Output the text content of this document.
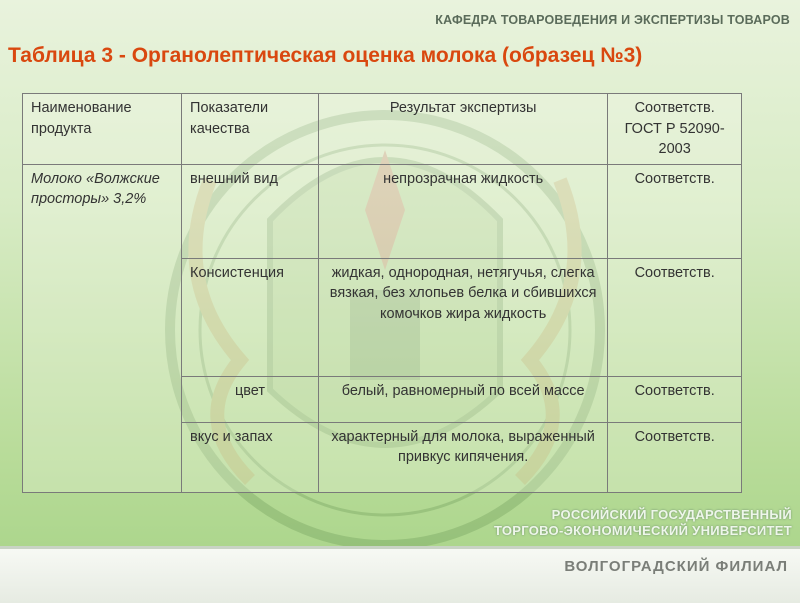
КАФЕДРА ТОВАРОВЕДЕНИЯ И ЭКСПЕРТИЗЫ ТОВАРОВ
Таблица 3 - Органолептическая оценка молока (образец №3)
Наименование продукта	Показатели качества	Результат экспертизы	Соответств. ГОСТ Р 52090-2003
Молоко «Волжские просторы» 3,2%	внешний вид	непрозрачная жидкость	Соответств.
	Консистенция	жидкая, однородная, нетягучья, слегка вязкая, без хлопьев белка и сбившихся комочков жира жидкость	Соответств.
	цвет	белый, равномерный по всей массе	Соответств.
	вкус и запах	характерный для молока, выраженный привкус кипячения.	Соответств.
РОССИЙСКИЙ ГОСУДАРСТВЕННЫЙ
ТОРГОВО-ЭКОНОМИЧЕСКИЙ УНИВЕРСИТЕТ
ВОЛГОГРАДСКИЙ ФИЛИАЛ
